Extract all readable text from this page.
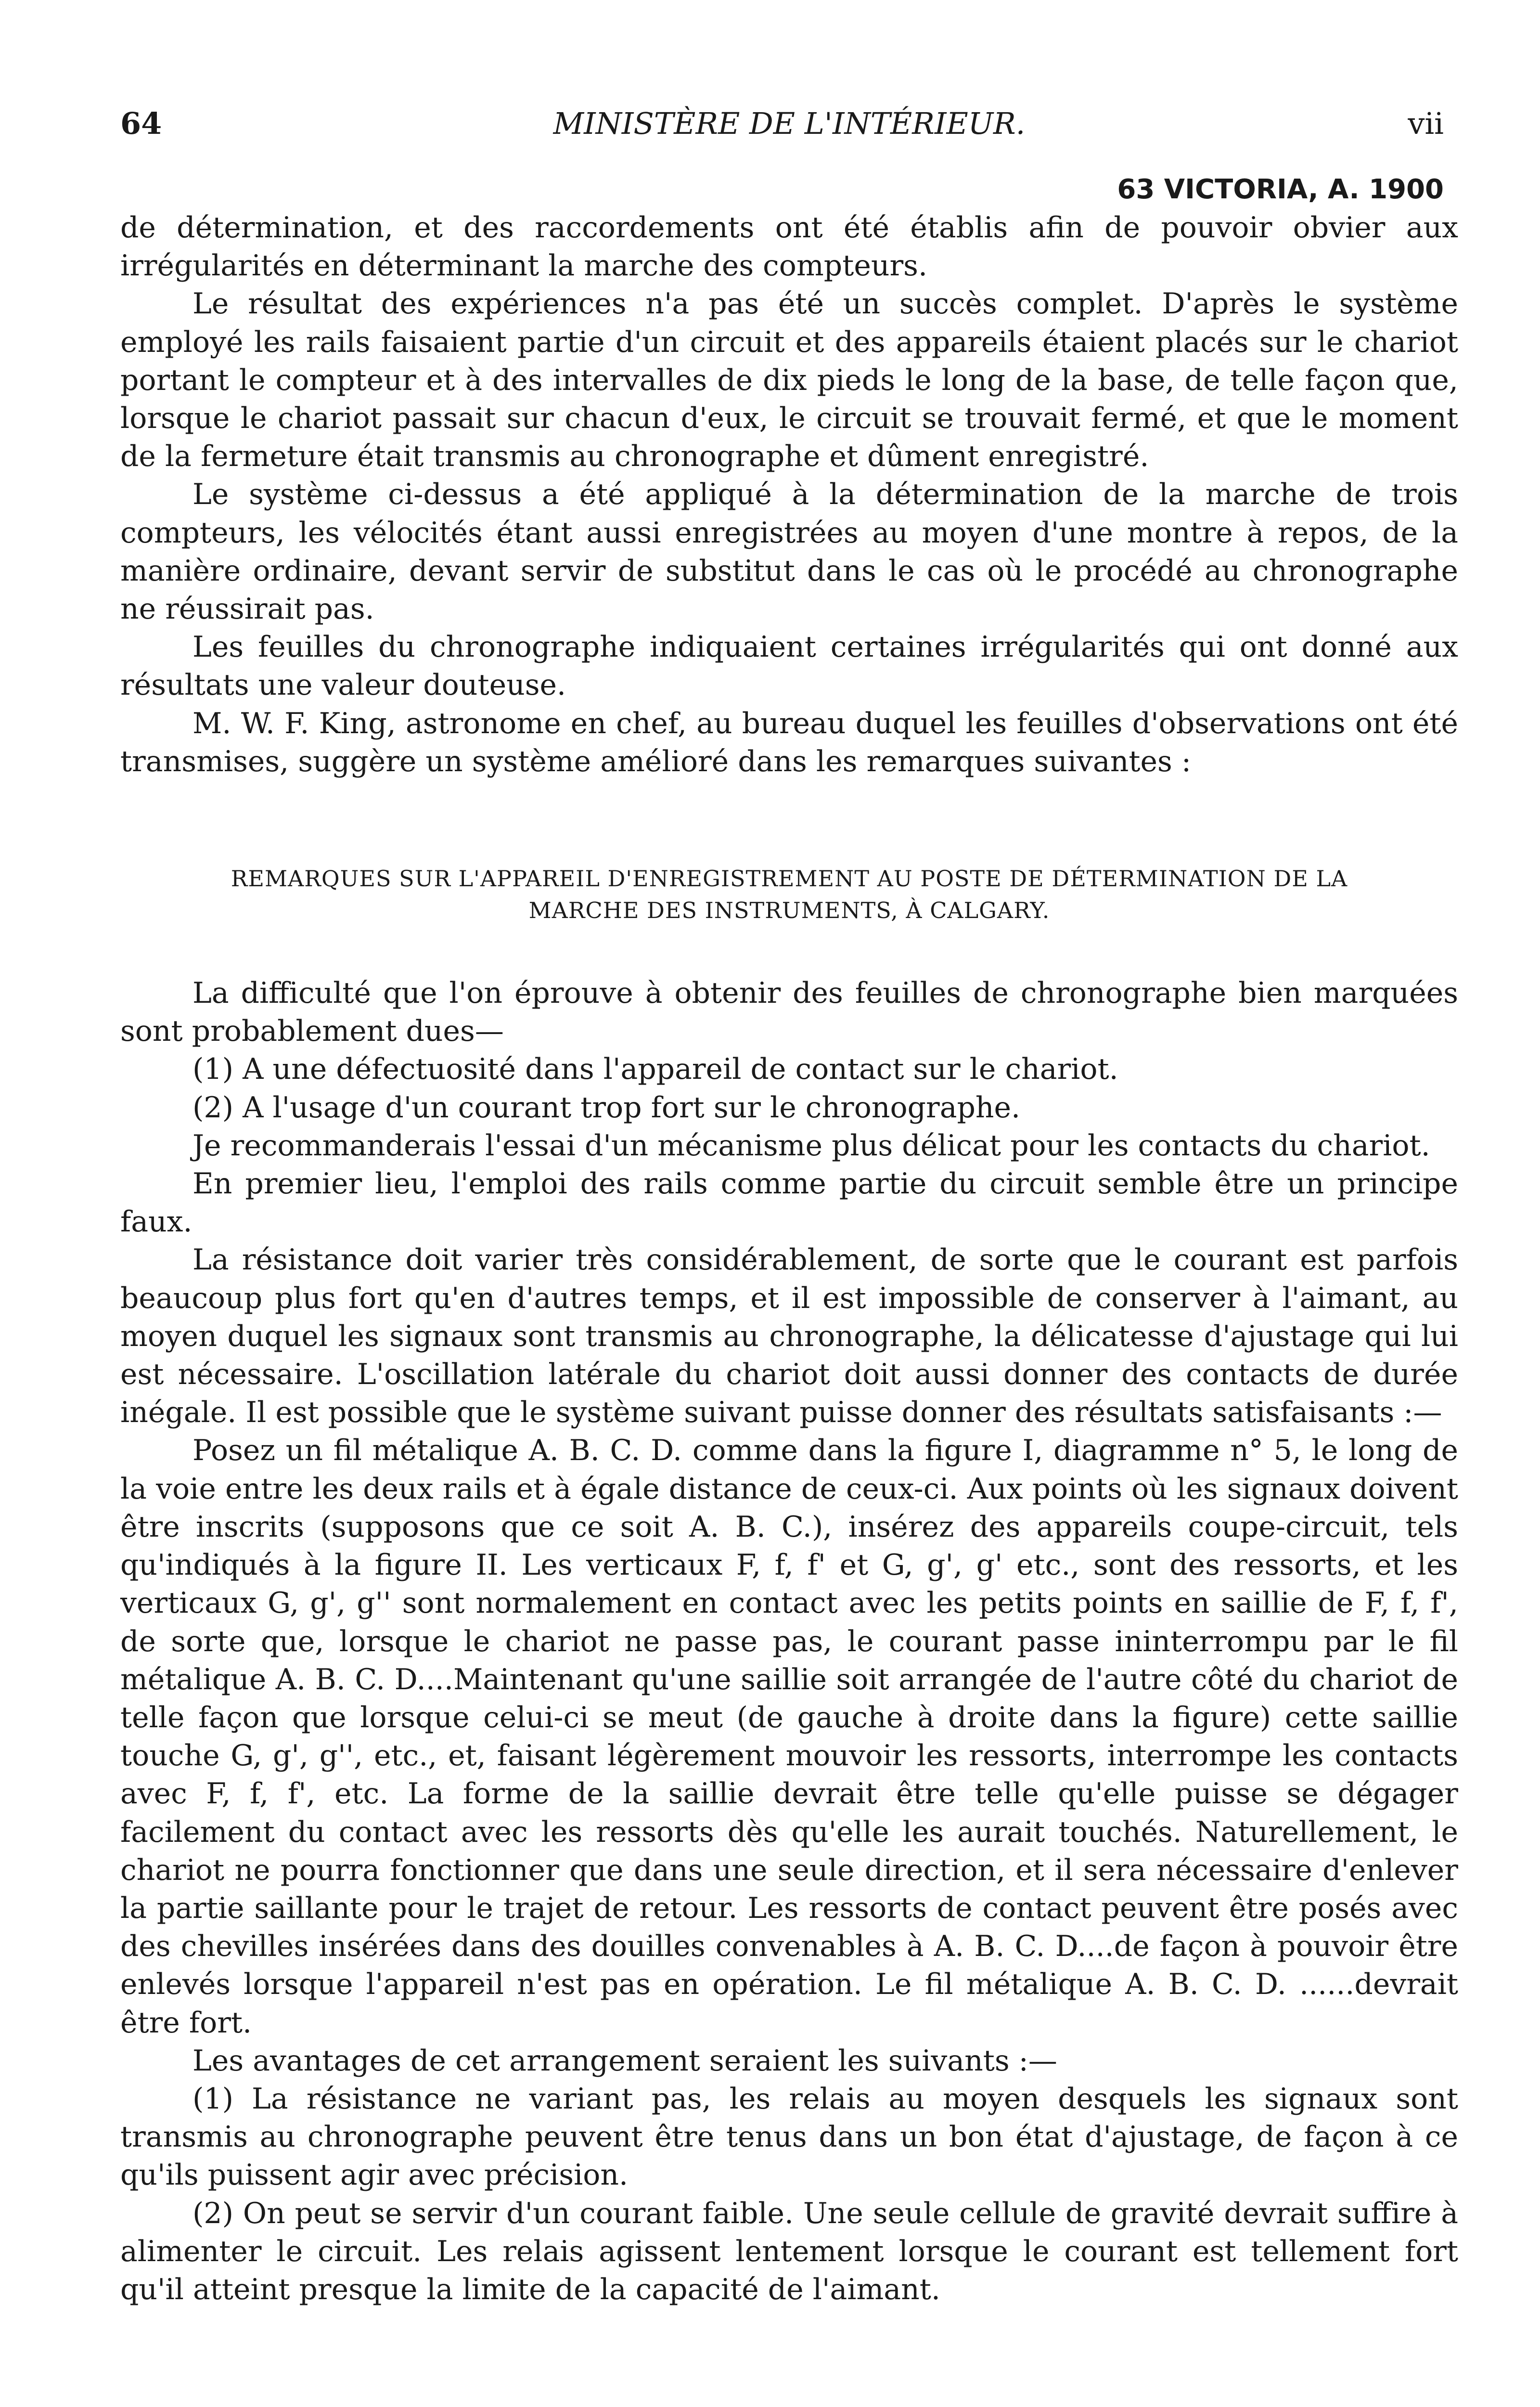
64	MINISTÈRE DE L'INTÉRIEUR.	vii
63 VICTORIA, A. 1900

de détermination, et des raccordements ont été établis afin de pouvoir obvier aux irrégularités en déterminant la marche des compteurs.

Le résultat des expériences n'a pas été un succès complet. D'après le système employé les rails faisaient partie d'un circuit et des appareils étaient placés sur le chariot portant le compteur et à des intervalles de dix pieds le long de la base, de telle façon que, lorsque le chariot passait sur chacun d'eux, le circuit se trouvait fermé, et que le moment de la fermeture était transmis au chronographe et dûment enregistré.

Le système ci-dessus a été appliqué à la détermination de la marche de trois compteurs, les vélocités étant aussi enregistrées au moyen d'une montre à repos, de la manière ordinaire, devant servir de substitut dans le cas où le procédé au chronographe ne réussirait pas.

Les feuilles du chronographe indiquaient certaines irrégularités qui ont donné aux résultats une valeur douteuse.

M. W. F. King, astronome en chef, au bureau duquel les feuilles d'observations ont été transmises, suggère un système amélioré dans les remarques suivantes :

REMARQUES SUR L'APPAREIL D'ENREGISTREMENT AU POSTE DE DÉTERMINATION DE LA
MARCHE DES INSTRUMENTS, À CALGARY.

La difficulté que l'on éprouve à obtenir des feuilles de chronographe bien marquées sont probablement dues—

(1) A une défectuosité dans l'appareil de contact sur le chariot.

(2) A l'usage d'un courant trop fort sur le chronographe.

Je recommanderais l'essai d'un mécanisme plus délicat pour les contacts du chariot.

En premier lieu, l'emploi des rails comme partie du circuit semble être un principe faux.

La résistance doit varier très considérablement, de sorte que le courant est parfois beaucoup plus fort qu'en d'autres temps, et il est impossible de conserver à l'aimant, au moyen duquel les signaux sont transmis au chronographe, la délicatesse d'ajustage qui lui est nécessaire. L'oscillation latérale du chariot doit aussi donner des contacts de durée inégale. Il est possible que le système suivant puisse donner des résultats satisfaisants :—

Posez un fil métalique A. B. C. D. comme dans la figure I, diagramme n° 5, le long de la voie entre les deux rails et à égale distance de ceux-ci. Aux points où les signaux doivent être inscrits (supposons que ce soit A. B. C.), insérez des appareils coupe-circuit, tels qu'indiqués à la figure II. Les verticaux F, f, f' et G, g', g' etc., sont des ressorts, et les verticaux G, g', g'' sont normalement en contact avec les petits points en saillie de F, f, f', de sorte que, lorsque le chariot ne passe pas, le courant passe ininterrompu par le fil métalique A. B. C. D....Maintenant qu'une saillie soit arrangée de l'autre côté du chariot de telle façon que lorsque celui-ci se meut (de gauche à droite dans la figure) cette saillie touche G, g', g'', etc., et, faisant légèrement mouvoir les ressorts, interrompe les contacts avec F, f, f', etc. La forme de la saillie devrait être telle qu'elle puisse se dégager facilement du contact avec les ressorts dès qu'elle les aurait touchés. Naturellement, le chariot ne pourra fonctionner que dans une seule direction, et il sera nécessaire d'enlever la partie saillante pour le trajet de retour. Les ressorts de contact peuvent être posés avec des chevilles insérées dans des douilles convenables à A. B. C. D....de façon à pouvoir être enlevés lorsque l'appareil n'est pas en opération. Le fil métalique A. B. C. D. ......devrait être fort.

Les avantages de cet arrangement seraient les suivants :—

(1) La résistance ne variant pas, les relais au moyen desquels les signaux sont transmis au chronographe peuvent être tenus dans un bon état d'ajustage, de façon à ce qu'ils puissent agir avec précision.

(2) On peut se servir d'un courant faible. Une seule cellule de gravité devrait suffire à alimenter le circuit. Les relais agissent lentement lorsque le courant est tellement fort qu'il atteint presque la limite de la capacité de l'aimant.
